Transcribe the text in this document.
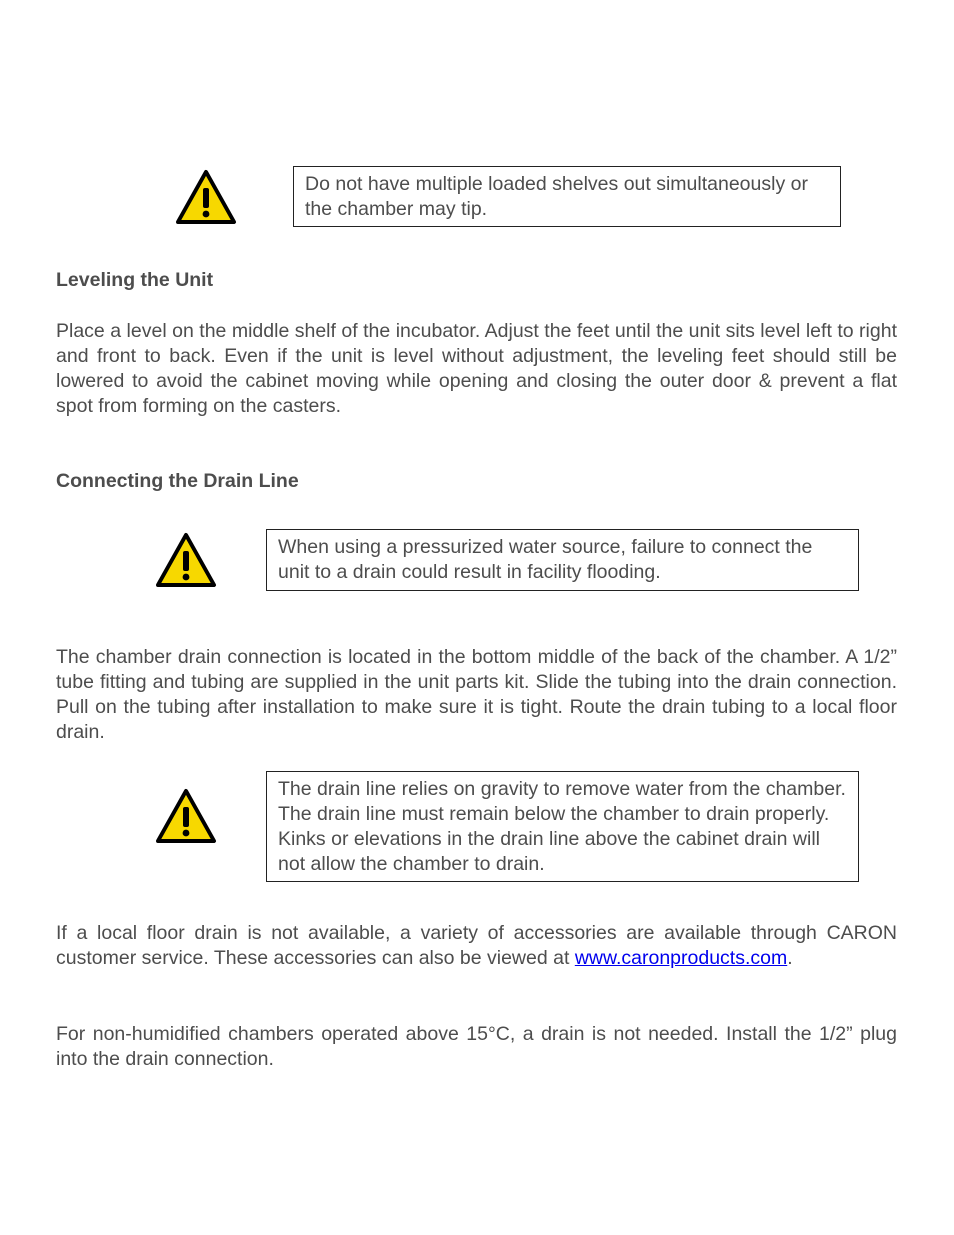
Do not have multiple loaded shelves out simultaneously or the chamber may tip.
Leveling the Unit

Place a level on the middle shelf of the incubator. Adjust the feet until the unit sits level left to right and front to back. Even if the unit is level without adjustment, the leveling feet should still be lowered to avoid the cabinet moving while opening and closing the outer door & prevent a flat spot from forming on the casters.

Connecting the Drain Line
When using a pressurized water source, failure to connect the unit to a drain could result in facility flooding.

The chamber drain connection is located in the bottom middle of the back of the chamber. A 1/2” tube fitting and tubing are supplied in the unit parts kit. Slide the tubing into the drain connection. Pull on the tubing after installation to make sure it is tight. Route the drain tubing to a local floor drain.

The drain line relies on gravity to remove water from the chamber. The drain line must remain below the chamber to drain properly. Kinks or elevations in the drain line above the cabinet drain will not allow the chamber to drain.

If a local floor drain is not available, a variety of accessories are available through CARON customer service. These accessories can also be viewed at www.caronproducts.com.

For non-humidified chambers operated above 15°C, a drain is not needed. Install the 1/2” plug into the drain connection.
